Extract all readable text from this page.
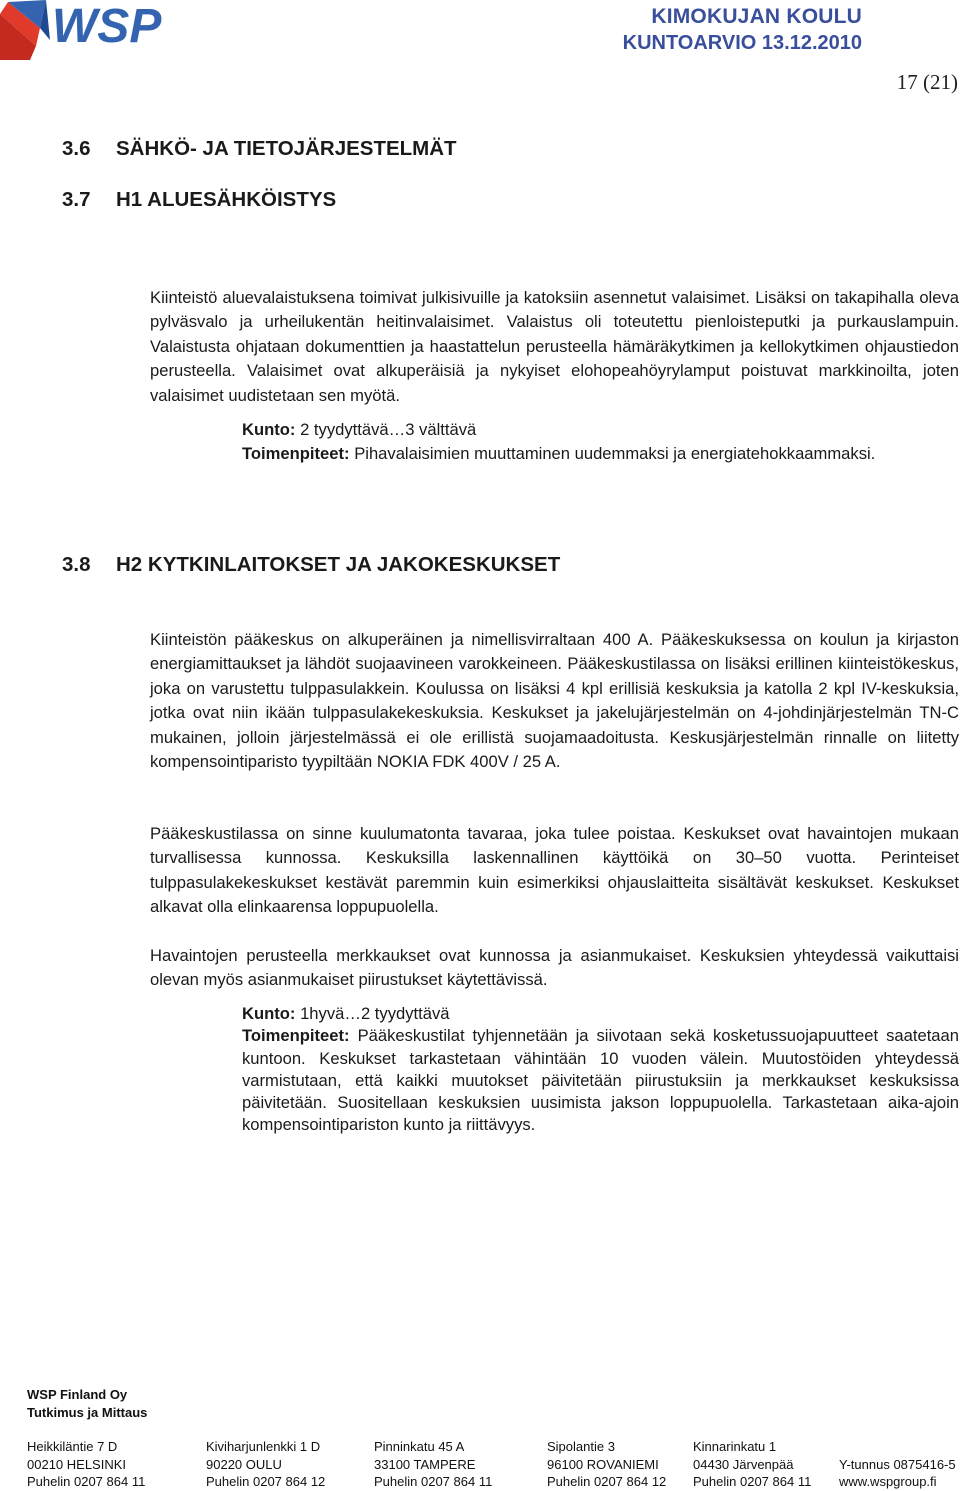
WSP	KIMOKUJAN KOULU
KUNTOARVIO 13.12.2010
17 (21)
3.6 SÄHKÖ- JA TIETOJÄRJESTELMÄT
3.7 H1 ALUESÄHKÖISTYS

Kiinteistö aluevalaistuksena toimivat julkisivuille ja katoksiin asennetut valaisimet. Lisäksi on takapihalla oleva pylväsvalo ja urheilukentän heitinvalaisimet. Valaistus oli toteutettu pienloisteputki ja purkauslampuin. Valaistusta ohjataan dokumenttien ja haastattelun perusteella hämäräkytkimen ja kellokytkimen ohjaustiedon perusteella. Valaisimet ovat alkuperäisiä ja nykyiset elohopeahöyrylamput poistuvat markkinoilta, joten valaisimet uudistetaan sen myötä.

Kunto: 2 tyydyttävä…3 välttävä
Toimenpiteet: Pihavalaisimien muuttaminen uudemmaksi ja energiatehokkaammaksi.

3.8 H2 KYTKINLAITOKSET JA JAKOKESKUKSET

Kiinteistön pääkeskus on alkuperäinen ja nimellisvirraltaan 400 A. Pääkeskuksessa on koulun ja kirjaston energiamittaukset ja lähdöt suojaavineen varokkeineen. Pääkeskustilassa on lisäksi erillinen kiinteistökeskus, joka on varustettu tulppasulakkein. Koulussa on lisäksi 4 kpl erillisiä keskuksia ja katolla 2 kpl IV-keskuksia, jotka ovat niin ikään tulppasulakekeskuksia. Keskukset ja jakelujärjestelmän on 4-johdinjärjestelmän TN-C mukainen, jolloin järjestelmässä ei ole erillistä suojamaadoitusta. Keskusjärjestelmän rinnalle on liitetty kompensointiparisto tyypiltään NOKIA FDK 400V / 25 A.

Pääkeskustilassa on sinne kuulumatonta tavaraa, joka tulee poistaa. Keskukset ovat havaintojen mukaan turvallisessa kunnossa. Keskuksilla laskennallinen käyttöikä on 30–50 vuotta. Perinteiset tulppasulakekeskukset kestävät paremmin kuin esimerkiksi ohjauslaitteita sisältävät keskukset. Keskukset alkavat olla elinkaarensa loppupuolella.

Havaintojen perusteella merkkaukset ovat kunnossa ja asianmukaiset. Keskuksien yhteydessä vaikuttaisi olevan myös asianmukaiset piirustukset käytettävissä.

Kunto: 1hyvä…2 tyydyttävä
Toimenpiteet: Pääkeskustilat tyhjennetään ja siivotaan sekä kosketussuojapuutteet saatetaan kuntoon. Keskukset tarkastetaan vähintään 10 vuoden välein. Muutostöiden yhteydessä varmistutaan, että kaikki muutokset päivitetään piirustuksiin ja merkkaukset keskuksissa päivitetään. Suositellaan keskuksien uusimista jakson loppupuolella. Tarkastetaan aika-ajoin kompensointipariston kunto ja riittävyys.

WSP Finland Oy
Tutkimus ja Mittaus
Heikkiläntie 7 D
00210 HELSINKI
Puhelin 0207 864 11
Kiviharjunlenkki 1 D
90220 OULU
Puhelin 0207 864 12
Pinninkatu 45 A
33100 TAMPERE
Puhelin 0207 864 11
Sipolantie 3
96100 ROVANIEMI
Puhelin 0207 864 12
Kinnarinkatu 1
04430 Järvenpää
Puhelin 0207 864 11
Y-tunnus 0875416-5
www.wspgroup.fi
